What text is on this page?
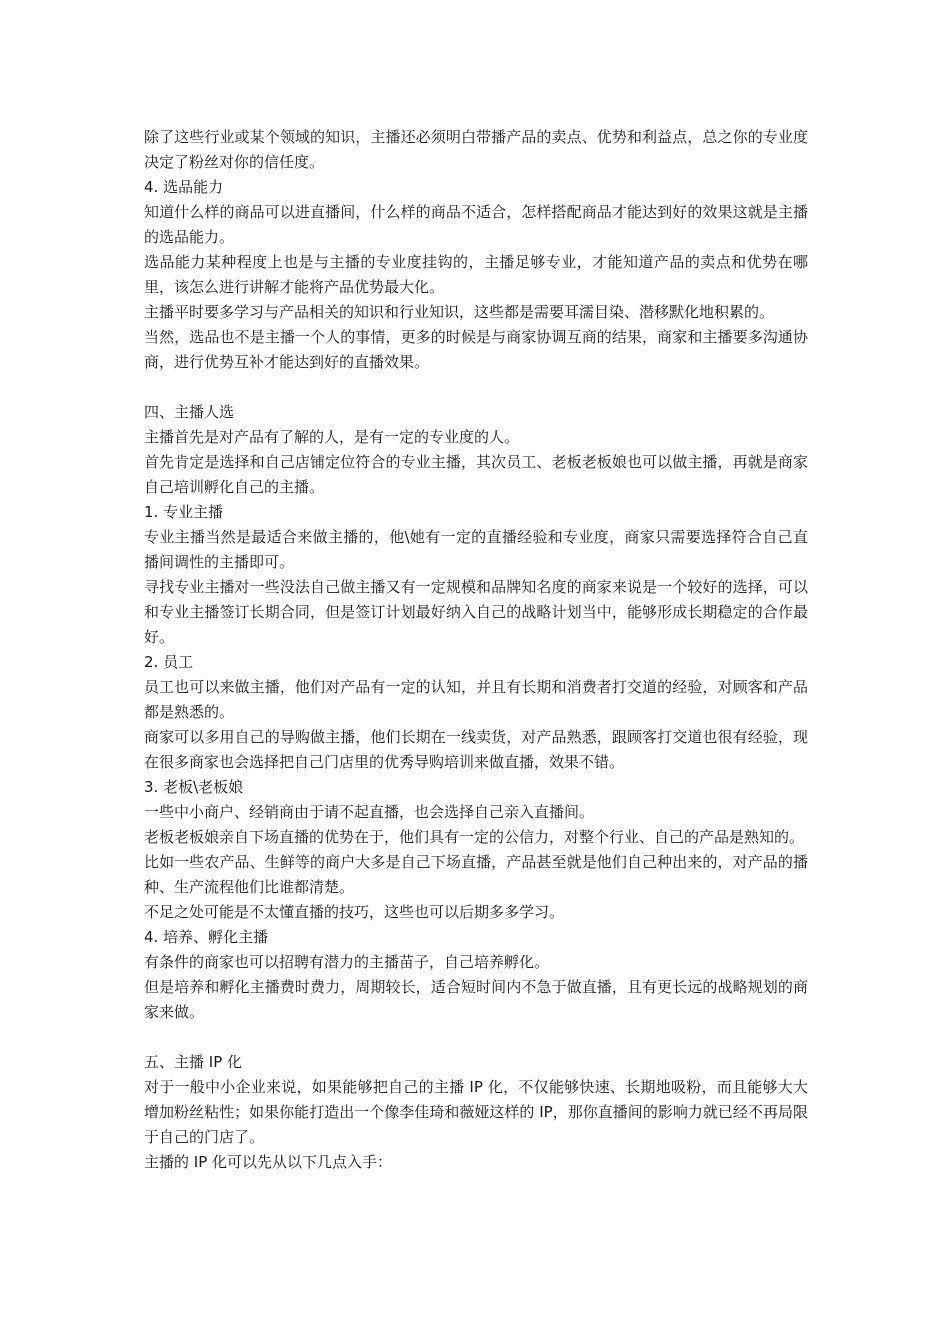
除了这些行业或某个领域的知识，主播还必须明白带播产品的卖点、优势和利益点，总之你的专业度决定了粉丝对你的信任度。

4. 选品能力

知道什么样的商品可以进直播间，什么样的商品不适合，怎样搭配商品才能达到好的效果这就是主播的选品能力。

选品能力某种程度上也是与主播的专业度挂钩的，主播足够专业，才能知道产品的卖点和优势在哪里，该怎么进行讲解才能将产品优势最大化。

主播平时要多学习与产品相关的知识和行业知识，这些都是需要耳濡目染、潜移默化地积累的。

当然，选品也不是主播一个人的事情，更多的时候是与商家协调互商的结果，商家和主播要多沟通协商，进行优势互补才能达到好的直播效果。

四、主播人选

主播首先是对产品有了解的人，是有一定的专业度的人。

首先肯定是选择和自己店铺定位符合的专业主播，其次员工、老板老板娘也可以做主播，再就是商家自己培训孵化自己的主播。

1. 专业主播

专业主播当然是最适合来做主播的，他\她有一定的直播经验和专业度，商家只需要选择符合自己直播间调性的主播即可。

寻找专业主播对一些没法自己做主播又有一定规模和品牌知名度的商家来说是一个较好的选择，可以和专业主播签订长期合同，但是签订计划最好纳入自己的战略计划当中，能够形成长期稳定的合作最好。

2. 员工

员工也可以来做主播，他们对产品有一定的认知，并且有长期和消费者打交道的经验，对顾客和产品都是熟悉的。

商家可以多用自己的导购做主播，他们长期在一线卖货，对产品熟悉，跟顾客打交道也很有经验，现在很多商家也会选择把自己门店里的优秀导购培训来做直播，效果不错。

3. 老板\老板娘

一些中小商户、经销商由于请不起直播，也会选择自己亲入直播间。

老板老板娘亲自下场直播的优势在于，他们具有一定的公信力，对整个行业、自己的产品是熟知的。

比如一些农产品、生鲜等的商户大多是自己下场直播，产品甚至就是他们自己种出来的，对产品的播种、生产流程他们比谁都清楚。

不足之处可能是不太懂直播的技巧，这些也可以后期多多学习。

4. 培养、孵化主播

有条件的商家也可以招聘有潜力的主播苗子，自己培养孵化。

但是培养和孵化主播费时费力，周期较长，适合短时间内不急于做直播，且有更长远的战略规划的商家来做。

五、主播 IP 化

对于一般中小企业来说，如果能够把自己的主播 IP 化，不仅能够快速、长期地吸粉，而且能够大大增加粉丝粘性；如果你能打造出一个像李佳琦和薇娅这样的 IP，那你直播间的影响力就已经不再局限于自己的门店了。

主播的 IP 化可以先从以下几点入手：
